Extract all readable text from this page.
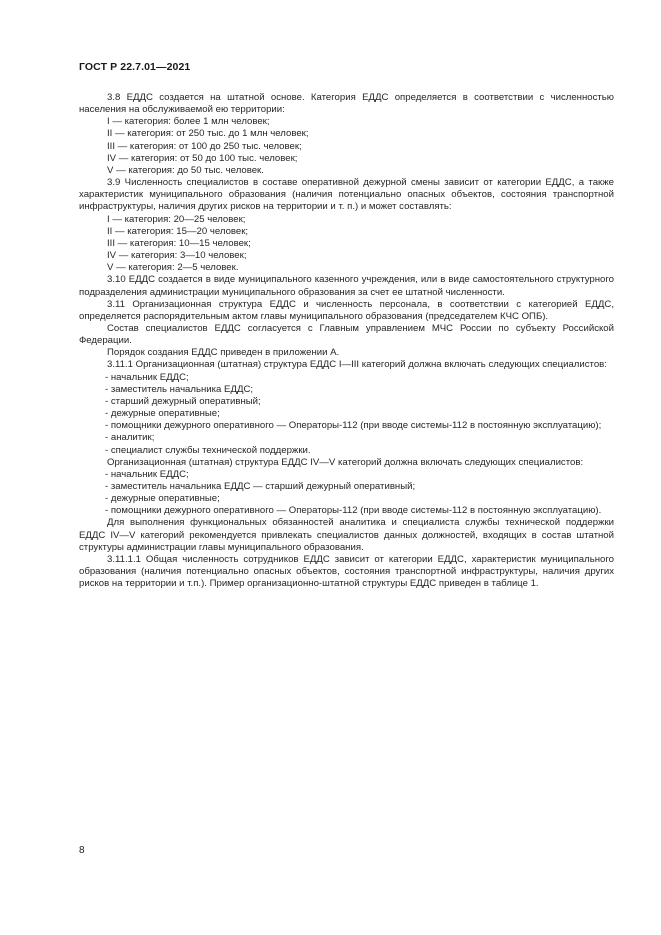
ГОСТ Р 22.7.01—2021

3.8 ЕДДС создается на штатной основе. Категория ЕДДС определяется в соответствии с численностью населения на обслуживаемой ею территории:

I — категория: более 1 млн человек;

II — категория: от 250 тыс. до 1 млн человек;

III — категория: от 100 до 250 тыс. человек;

IV — категория: от 50 до 100 тыс. человек;

V — категория: до 50 тыс. человек.

3.9 Численность специалистов в составе оперативной дежурной смены зависит от категории ЕДДС, а также характеристик муниципального образования (наличия потенциально опасных объектов, состояния транспортной инфраструктуры, наличия других рисков на территории и т. п.) и может составлять:

I — категория: 20—25 человек;

II — категория: 15—20 человек;

III — категория: 10—15 человек;

IV — категория: 3—10 человек;

V — категория: 2—5 человек.

3.10 ЕДДС создается в виде муниципального казенного учреждения, или в виде самостоятельного структурного подразделения администрации муниципального образования за счет ее штатной численности.

3.11 Организационная структура ЕДДС и численность персонала, в соответствии с категорией ЕДДС, определяется распорядительным актом главы муниципального образования (председателем КЧС ОПБ).

Состав специалистов ЕДДС согласуется с Главным управлением МЧС России по субъекту Российской Федерации.

Порядок создания ЕДДС приведен в приложении А.

3.11.1 Организационная (штатная) структура ЕДДС I—III категорий должна включать следующих специалистов:

- начальник ЕДДС;

- заместитель начальника ЕДДС;

- старший дежурный оперативный;

- дежурные оперативные;

- помощники дежурного оперативного — Операторы-112 (при вводе системы-112 в постоянную эксплуатацию);

- аналитик;

- специалист службы технической поддержки.

Организационная (штатная) структура ЕДДС IV—V категорий должна включать следующих специалистов:

- начальник ЕДДС;

- заместитель начальника ЕДДС — старший дежурный оперативный;

- дежурные оперативные;

- помощники дежурного оперативного — Операторы-112 (при вводе системы-112 в постоянную эксплуатацию).

Для выполнения функциональных обязанностей аналитика и специалиста службы технической поддержки ЕДДС IV—V категорий рекомендуется привлекать специалистов данных должностей, входящих в состав штатной структуры администрации главы муниципального образования.

3.11.1.1 Общая численность сотрудников ЕДДС зависит от категории ЕДДС, характеристик муниципального образования (наличия потенциально опасных объектов, состояния транспортной инфраструктуры, наличия других рисков на территории и т.п.). Пример организационно-штатной структуры ЕДДС приведен в таблице 1.

8
